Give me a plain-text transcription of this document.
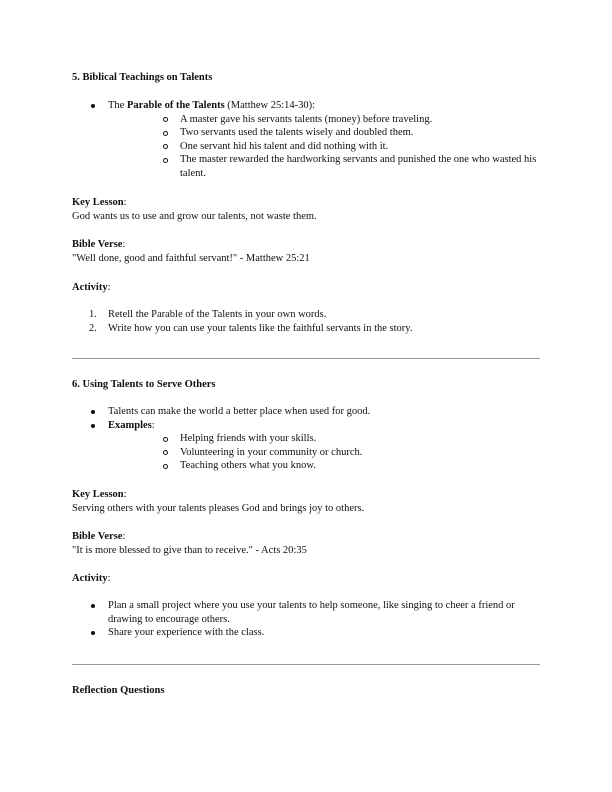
5. Biblical Teachings on Talents
The Parable of the Talents (Matthew 25:14-30):
A master gave his servants talents (money) before traveling.
Two servants used the talents wisely and doubled them.
One servant hid his talent and did nothing with it.
The master rewarded the hardworking servants and punished the one who wasted his talent.
Key Lesson:
God wants us to use and grow our talents, not waste them.
Bible Verse:
"Well done, good and faithful servant!" - Matthew 25:21
Activity:
1. Retell the Parable of the Talents in your own words.
2. Write how you can use your talents like the faithful servants in the story.
6. Using Talents to Serve Others
Talents can make the world a better place when used for good.
Examples:
Helping friends with your skills.
Volunteering in your community or church.
Teaching others what you know.
Key Lesson:
Serving others with your talents pleases God and brings joy to others.
Bible Verse:
"It is more blessed to give than to receive." - Acts 20:35
Activity:
Plan a small project where you use your talents to help someone, like singing to cheer a friend or drawing to encourage others.
Share your experience with the class.
Reflection Questions
